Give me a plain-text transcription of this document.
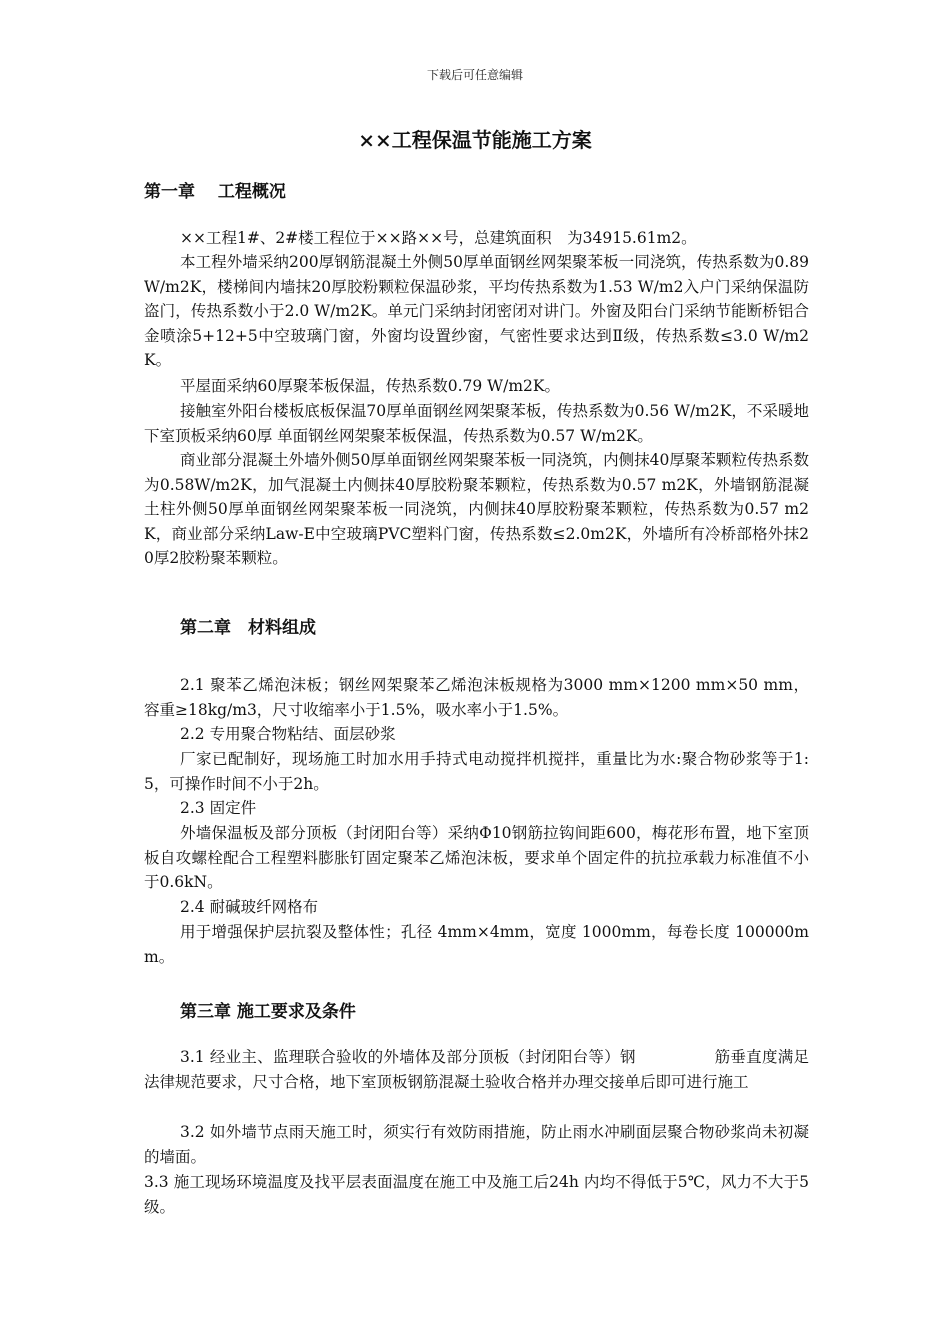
下载后可任意编辑
××工程保温节能施工方案
第一章　 工程概况
××工程1#、2#楼工程位于××路××号，总建筑面积　为34915.61m2。
本工程外墙采纳200厚钢筋混凝土外侧50厚单面钢丝网架聚苯板一同浇筑，传热系数为0.89W/m2K，楼梯间内墙抹20厚胶粉颗粒保温砂浆，平均传热系数为1.53 W/m2入户门采纳保温防盗门，传热系数小于2.0 W/m2K。单元门采纳封闭密闭对讲门。外窗及阳台门采纳节能断桥铝合金喷涂5+12+5中空玻璃门窗，外窗均设置纱窗，气密性要求达到Ⅱ级，传热系数≤3.0 W/m2K。
平屋面采纳60厚聚苯板保温，传热系数0.79 W/m2K。
接触室外阳台楼板底板保温70厚单面钢丝网架聚苯板，传热系数为0.56 W/m2K，不采暖地下室顶板采纳60厚 单面钢丝网架聚苯板保温，传热系数为0.57 W/m2K。
商业部分混凝土外墙外侧50厚单面钢丝网架聚苯板一同浇筑，内侧抹40厚聚苯颗粒传热系数为0.58W/m2K，加气混凝土内侧抹40厚胶粉聚苯颗粒，传热系数为0.57 m2K，外墙钢筋混凝土柱外侧50厚单面钢丝网架聚苯板一同浇筑，内侧抹40厚胶粉聚苯颗粒，传热系数为0.57 m2K，商业部分采纳Law-E中空玻璃PVC塑料门窗，传热系数≤2.0m2K，外墙所有冷桥部格外抹20厚2胶粉聚苯颗粒。
第二章　材料组成
2.1 聚苯乙烯泡沫板；钢丝网架聚苯乙烯泡沫板规格为3000 mm×1200 mm×50 mm，容重≥18kg/m3，尺寸收缩率小于1.5%，吸水率小于1.5%。
2.2 专用聚合物粘结、面层砂浆
厂家已配制好，现场施工时加水用手持式电动搅拌机搅拌，重量比为水:聚合物砂浆等于1:5，可操作时间不小于2h。
2.3 固定件
外墙保温板及部分顶板（封闭阳台等）采纳Φ10钢筋拉钩间距600，梅花形布置，地下室顶板自攻螺栓配合工程塑料膨胀钉固定聚苯乙烯泡沫板，要求单个固定件的抗拉承载力标准值不小于0.6kN。
2.4 耐碱玻纤网格布
用于增强保护层抗裂及整体性；孔径 4mm×4mm，宽度 1000mm，每卷长度 100000mm。
第三章 施工要求及条件
3.1 经业主、监理联合验收的外墙体及部分顶板（封闭阳台等）钢　　　　　筋垂直度满足法律规范要求，尺寸合格，地下室顶板钢筋混凝土验收合格并办理交接单后即可进行施工
3.2 如外墙节点雨天施工时，须实行有效防雨措施，防止雨水冲刷面层聚合物砂浆尚未初凝的墙面。
3.3 施工现场环境温度及找平层表面温度在施工中及施工后24h 内均不得低于5℃，风力不大于5 级。
